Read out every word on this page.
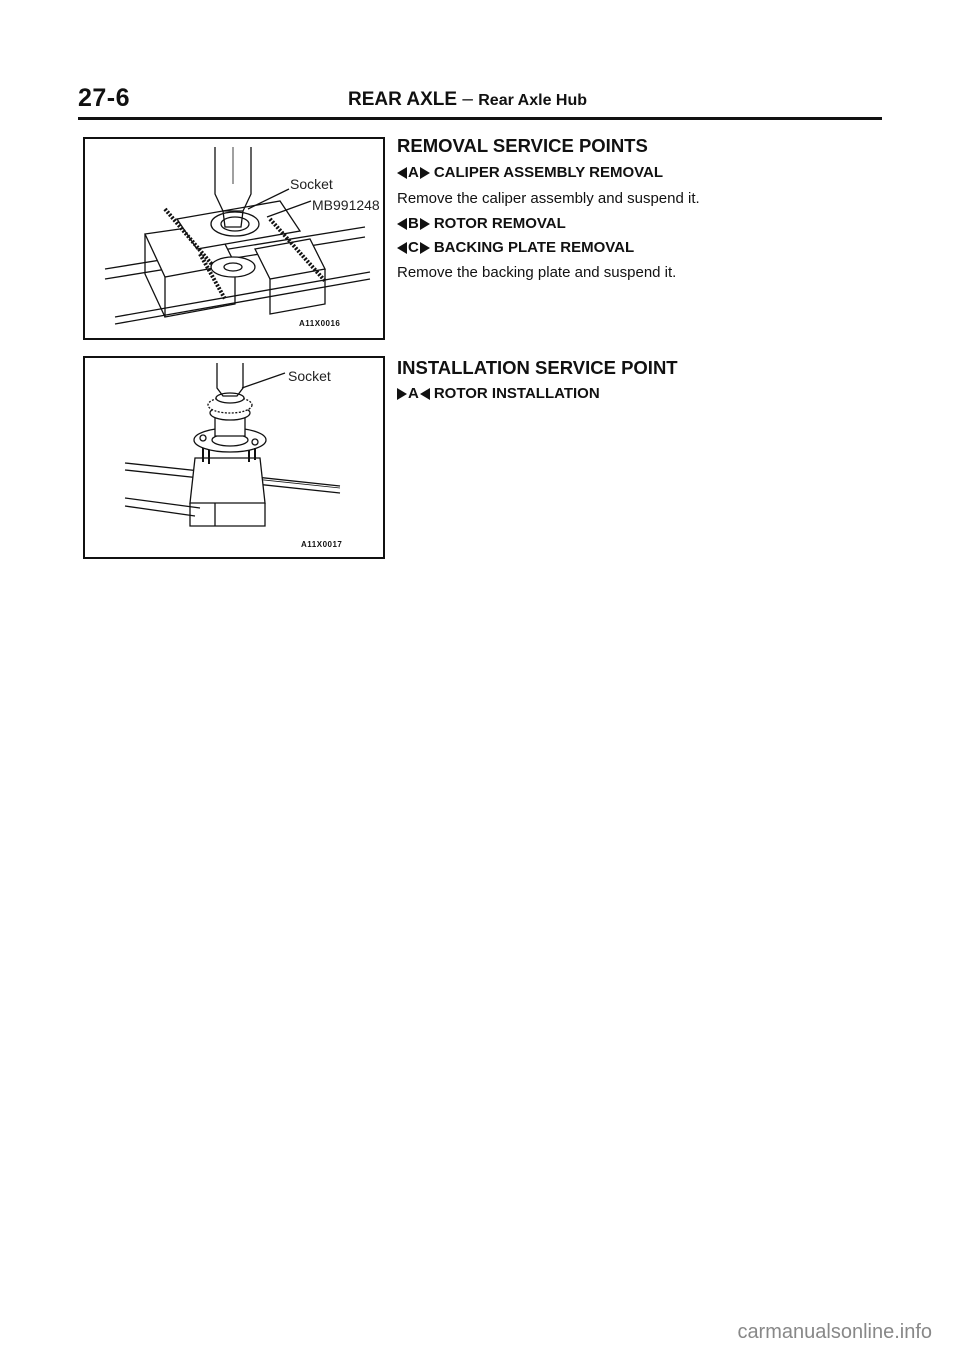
27-6	REAR AXLE – Rear Axle Hub
Socket
MB991248
A11X0016
Socket
A11X0017
REMOVAL SERVICE POINTS
A CALIPER ASSEMBLY REMOVAL
Remove the caliper assembly and suspend it.
B ROTOR REMOVAL
C BACKING PLATE REMOVAL
Remove the backing plate and suspend it.
INSTALLATION SERVICE POINT
A ROTOR INSTALLATION
carmanualsonline.info
